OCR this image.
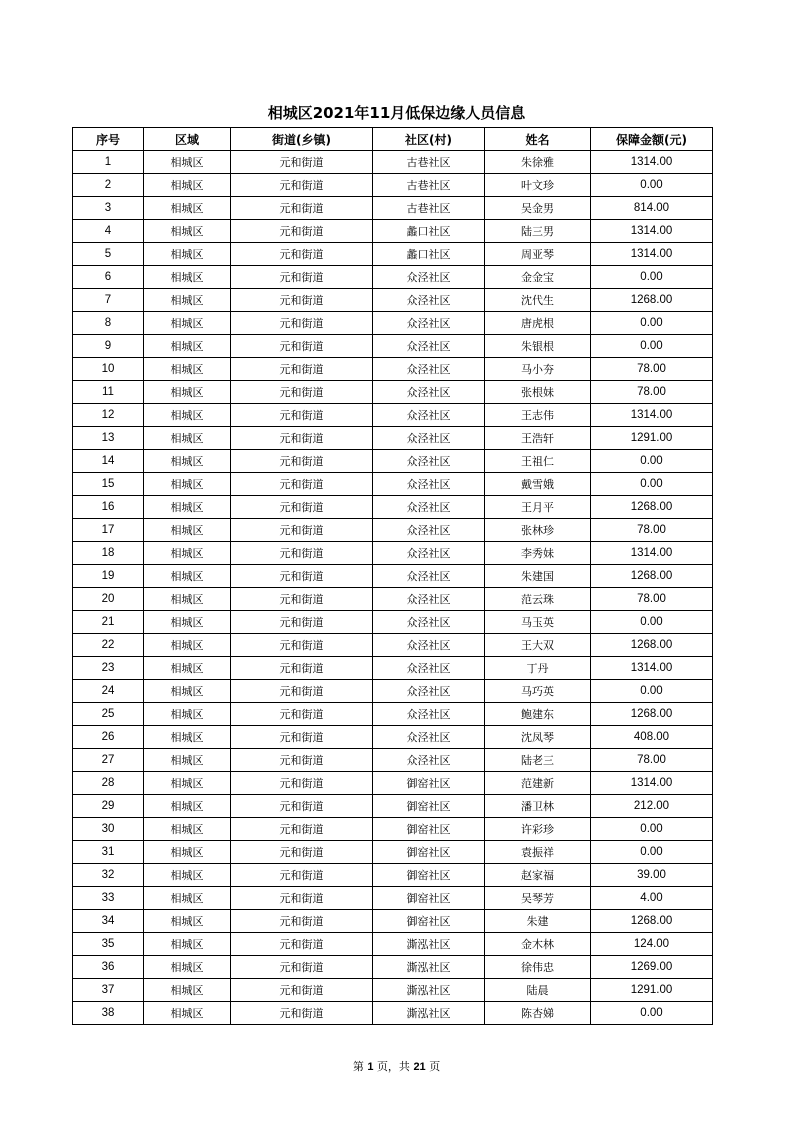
相城区2021年11月低保边缘人员信息
序号	区域	街道(乡镇)	社区(村)	姓名	保障金额(元)
1	相城区	元和街道	古巷社区	朱徐雅	1314.00
2	相城区	元和街道	古巷社区	叶文珍	0.00
3	相城区	元和街道	古巷社区	吴金男	814.00
4	相城区	元和街道	蠡口社区	陆三男	1314.00
5	相城区	元和街道	蠡口社区	周亚琴	1314.00
6	相城区	元和街道	众泾社区	金金宝	0.00
7	相城区	元和街道	众泾社区	沈代生	1268.00
8	相城区	元和街道	众泾社区	唐虎根	0.00
9	相城区	元和街道	众泾社区	朱银根	0.00
10	相城区	元和街道	众泾社区	马小夯	78.00
11	相城区	元和街道	众泾社区	张根妹	78.00
12	相城区	元和街道	众泾社区	王志伟	1314.00
13	相城区	元和街道	众泾社区	王浩轩	1291.00
14	相城区	元和街道	众泾社区	王祖仁	0.00
15	相城区	元和街道	众泾社区	戴雪娥	0.00
16	相城区	元和街道	众泾社区	王月平	1268.00
17	相城区	元和街道	众泾社区	张林珍	78.00
18	相城区	元和街道	众泾社区	李秀妹	1314.00
19	相城区	元和街道	众泾社区	朱建国	1268.00
20	相城区	元和街道	众泾社区	范云珠	78.00
21	相城区	元和街道	众泾社区	马玉英	0.00
22	相城区	元和街道	众泾社区	王大双	1268.00
23	相城区	元和街道	众泾社区	丁丹	1314.00
24	相城区	元和街道	众泾社区	马巧英	0.00
25	相城区	元和街道	众泾社区	鲍建东	1268.00
26	相城区	元和街道	众泾社区	沈凤琴	408.00
27	相城区	元和街道	众泾社区	陆老三	78.00
28	相城区	元和街道	御窑社区	范建新	1314.00
29	相城区	元和街道	御窑社区	潘卫林	212.00
30	相城区	元和街道	御窑社区	许彩珍	0.00
31	相城区	元和街道	御窑社区	袁振祥	0.00
32	相城区	元和街道	御窑社区	赵家福	39.00
33	相城区	元和街道	御窑社区	吴琴芳	4.00
34	相城区	元和街道	御窑社区	朱建	1268.00
35	相城区	元和街道	澌泓社区	金木林	124.00
36	相城区	元和街道	澌泓社区	徐伟忠	1269.00
37	相城区	元和街道	澌泓社区	陆晨	1291.00
38	相城区	元和街道	澌泓社区	陈杏娣	0.00
第 1 页，共 21 页
